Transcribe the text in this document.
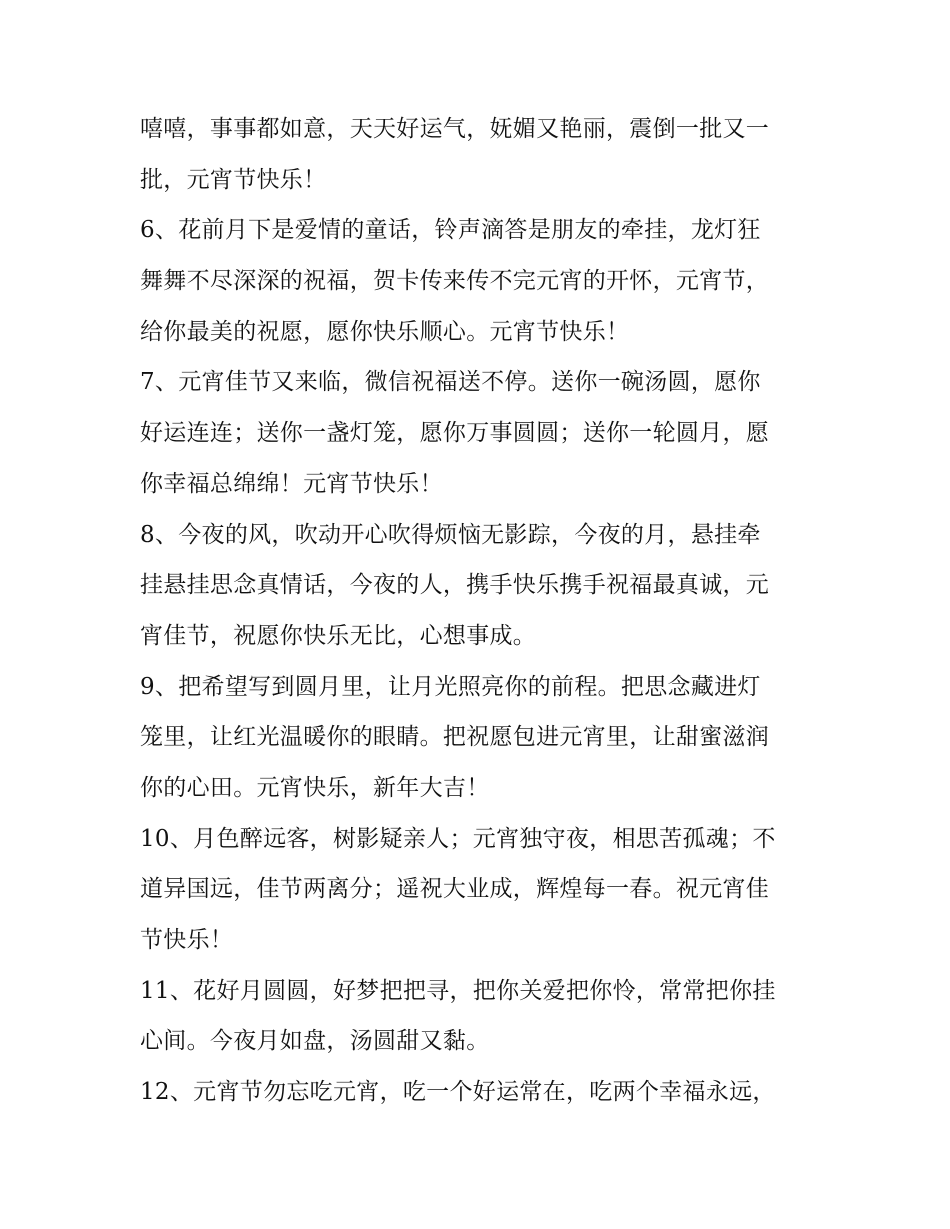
嘻嘻，事事都如意，天天好运气，妩媚又艳丽，震倒一批又一
批，元宵节快乐！
6、花前月下是爱情的童话，铃声滴答是朋友的牵挂，龙灯狂
舞舞不尽深深的祝福，贺卡传来传不完元宵的开怀，元宵节，
给你最美的祝愿，愿你快乐顺心。元宵节快乐！
7、元宵佳节又来临，微信祝福送不停。送你一碗汤圆，愿你
好运连连；送你一盏灯笼，愿你万事圆圆；送你一轮圆月，愿
你幸福总绵绵！元宵节快乐！
8、今夜的风，吹动开心吹得烦恼无影踪，今夜的月，悬挂牵
挂悬挂思念真情话，今夜的人，携手快乐携手祝福最真诚，元
宵佳节，祝愿你快乐无比，心想事成。
9、把希望写到圆月里，让月光照亮你的前程。把思念藏进灯
笼里，让红光温暖你的眼睛。把祝愿包进元宵里，让甜蜜滋润
你的心田。元宵快乐，新年大吉！
10、月色醉远客，树影疑亲人；元宵独守夜，相思苦孤魂；不
道异国远，佳节两离分；遥祝大业成，辉煌每一春。祝元宵佳
节快乐！
11、花好月圆圆，好梦把把寻，把你关爱把你怜，常常把你挂
心间。今夜月如盘，汤圆甜又黏。
12、元宵节勿忘吃元宵，吃一个好运常在，吃两个幸福永远，
